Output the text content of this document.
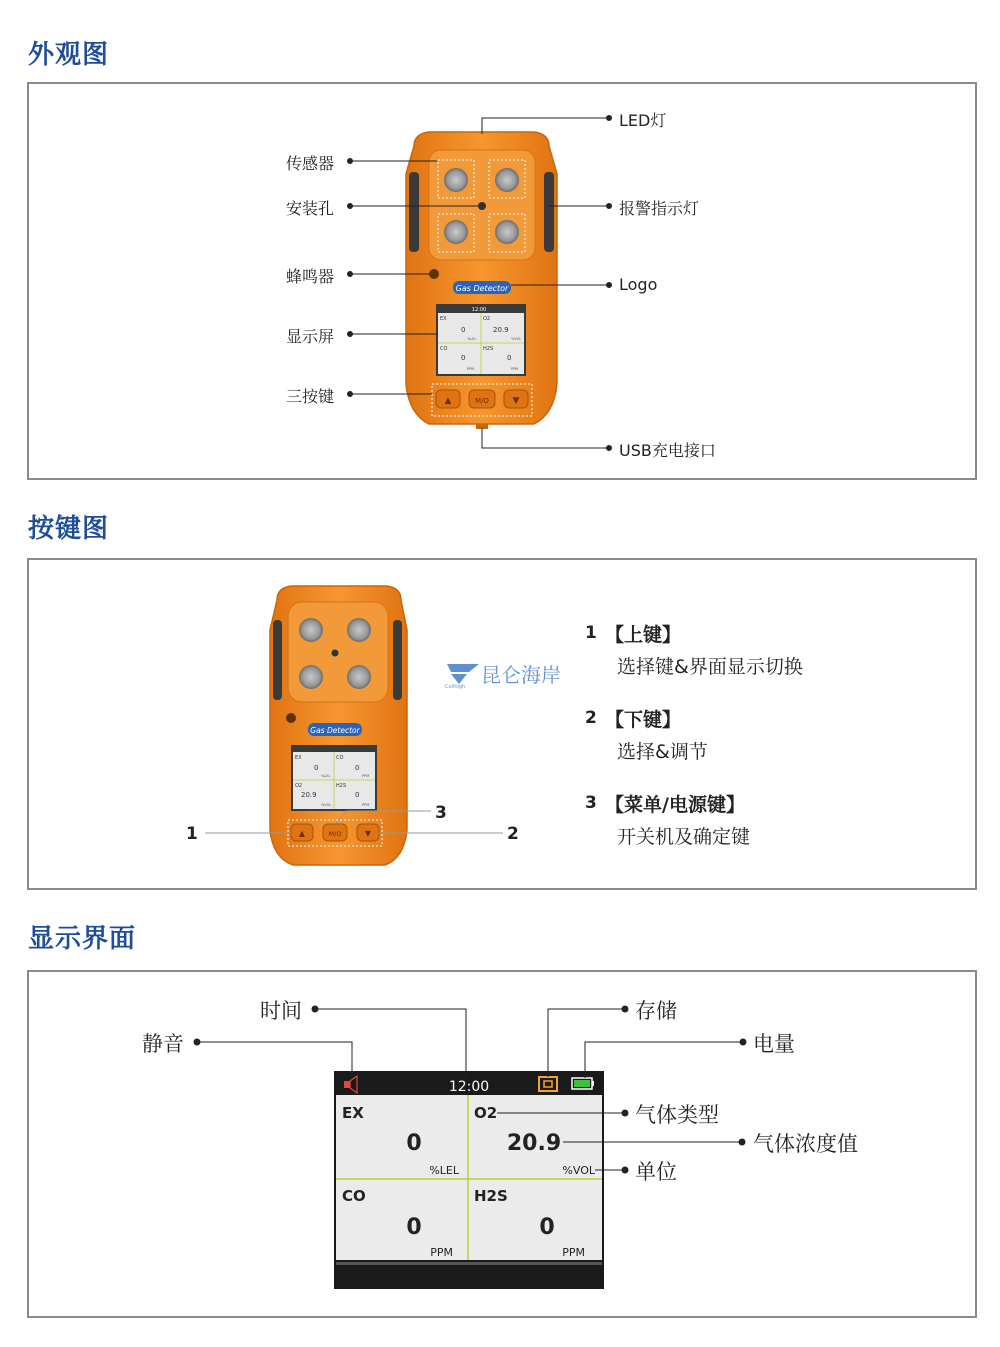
外观图
Gas Detector
12:00
EX
0
%LEL
O2
20.9
%VOL
CO
0
PPM
H2S
0
PPM
▲	M/O	▼
传感器
安装孔
蜂鸣器
显示屏
三按键
LED灯
报警指示灯
Logo
USB充电接口
按键图
Gas Detector
EX
0
%LEL
CO
0
PPM
O2
20.9
%VOL
H2S
0
PPM
▲	M/O	▼
昆仑海岸
Collhigh
1	2
3
1 【上键】
选择键&界面显示切换
2 【下键】
选择&调节
3 【菜单/电源键】
开关机及确定键
显示界面
12:00
EX
0
%LEL
O2
20.9
%VOL
CO
0
PPM
H2S
0
PPM
时间
静音
存储
电量
气体类型
气体浓度值
单位
